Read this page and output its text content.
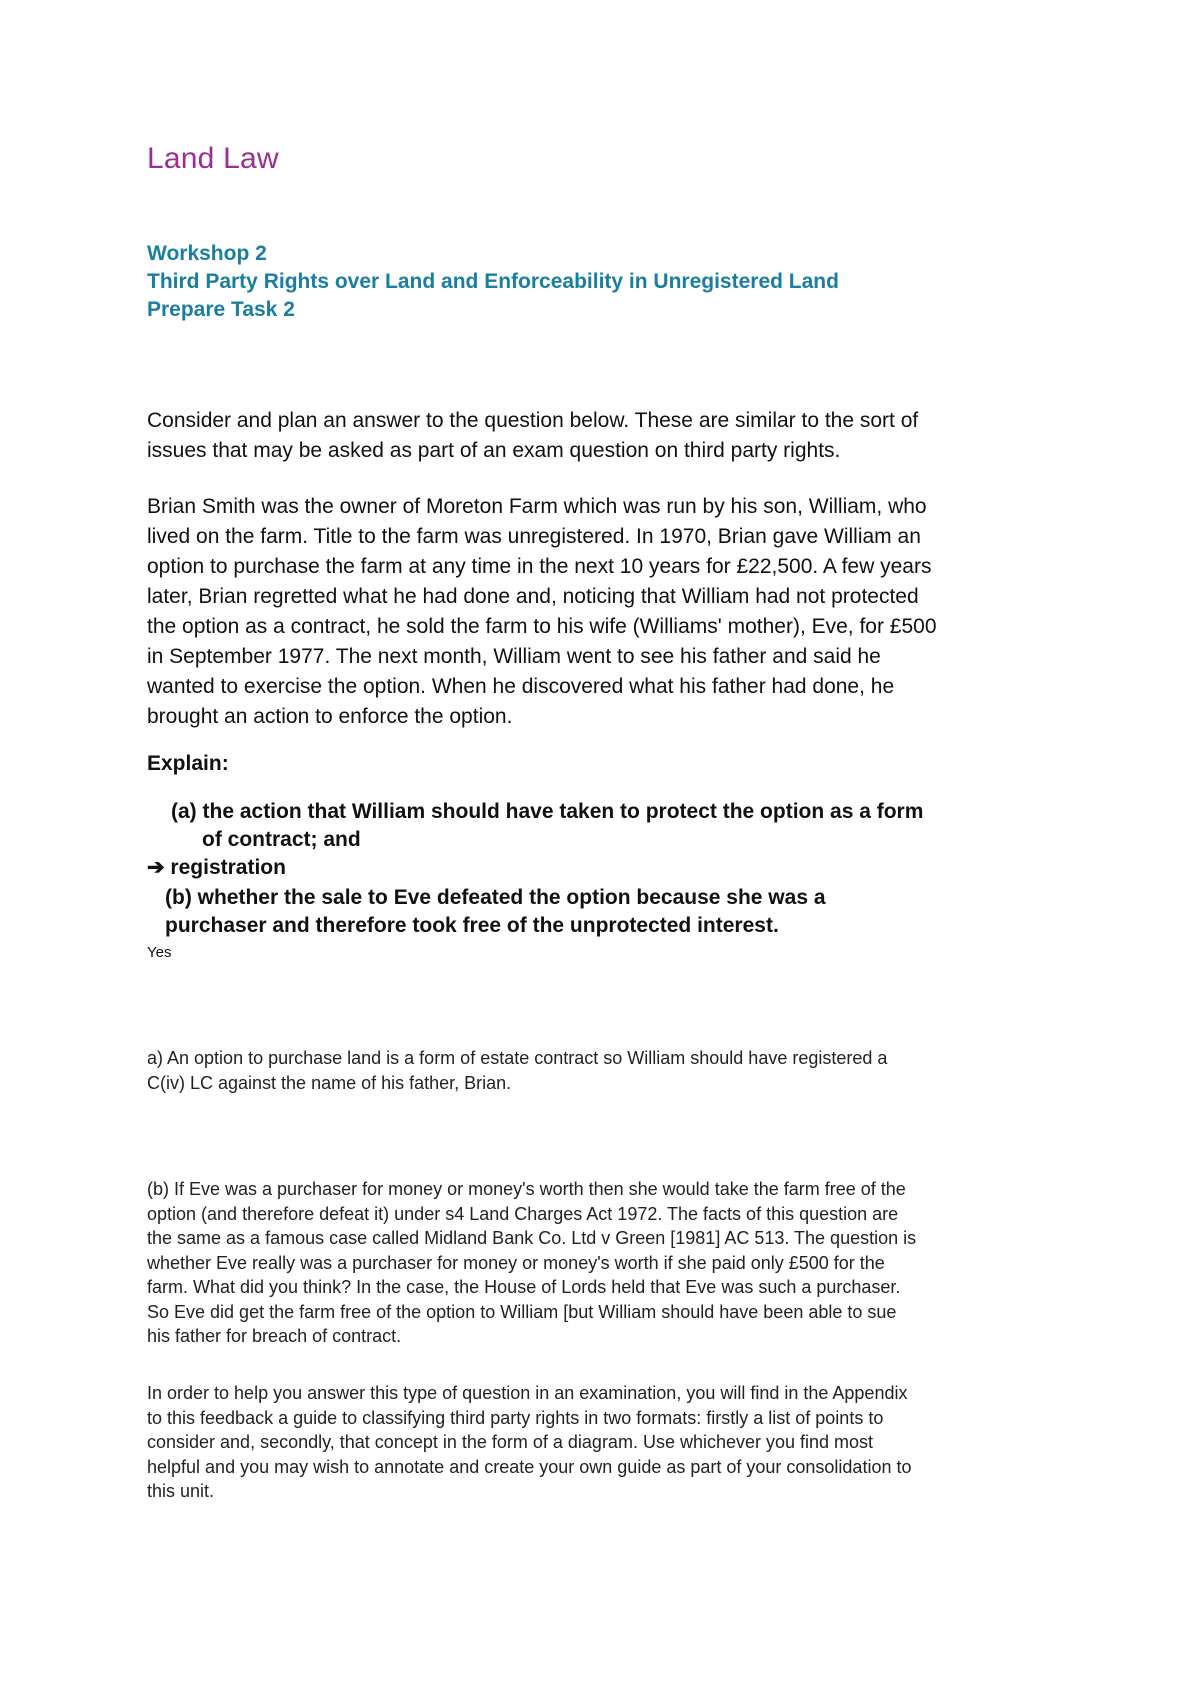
Land Law

Workshop 2

Third Party Rights over Land and Enforceability in Unregistered Land

Prepare Task 2

Consider and plan an answer to the question below. These are similar to the sort of
issues that may be asked as part of an exam question on third party rights.
Brian Smith was the owner of Moreton Farm which was run by his son, William, who
lived on the farm. Title to the farm was unregistered. In 1970, Brian gave William an
option to purchase the farm at any time in the next 10 years for £22,500. A few years
later, Brian regretted what he had done and, noticing that William had not protected
the option as a contract, he sold the farm to his wife (Williams' mother), Eve, for £500
in September 1977. The next month, William went to see his father and said he
wanted to exercise the option. When he discovered what his father had done, he
brought an action to enforce the option.

Explain:

(a) the action that William should have taken to protect the option as a form

of contract; and

➔ registration

(b) whether the sale to Eve defeated the option because she was a

purchaser and therefore took free of the unprotected interest.

Yes

a) An option to purchase land is a form of estate contract so William should have registered a
C(iv) LC against the name of his father, Brian.
(b) If Eve was a purchaser for money or money's worth then she would take the farm free of the
option (and therefore defeat it) under s4 Land Charges Act 1972. The facts of this question are
the same as a famous case called Midland Bank Co. Ltd v Green [1981] AC 513. The question is
whether Eve really was a purchaser for money or money's worth if she paid only £500 for the
farm. What did you think? In the case, the House of Lords held that Eve was such a purchaser.
So Eve did get the farm free of the option to William [but William should have been able to sue
his father for breach of contract.
In order to help you answer this type of question in an examination, you will find in the Appendix
to this feedback a guide to classifying third party rights in two formats: firstly a list of points to
consider and, secondly, that concept in the form of a diagram. Use whichever you find most
helpful and you may wish to annotate and create your own guide as part of your consolidation to
this unit.
